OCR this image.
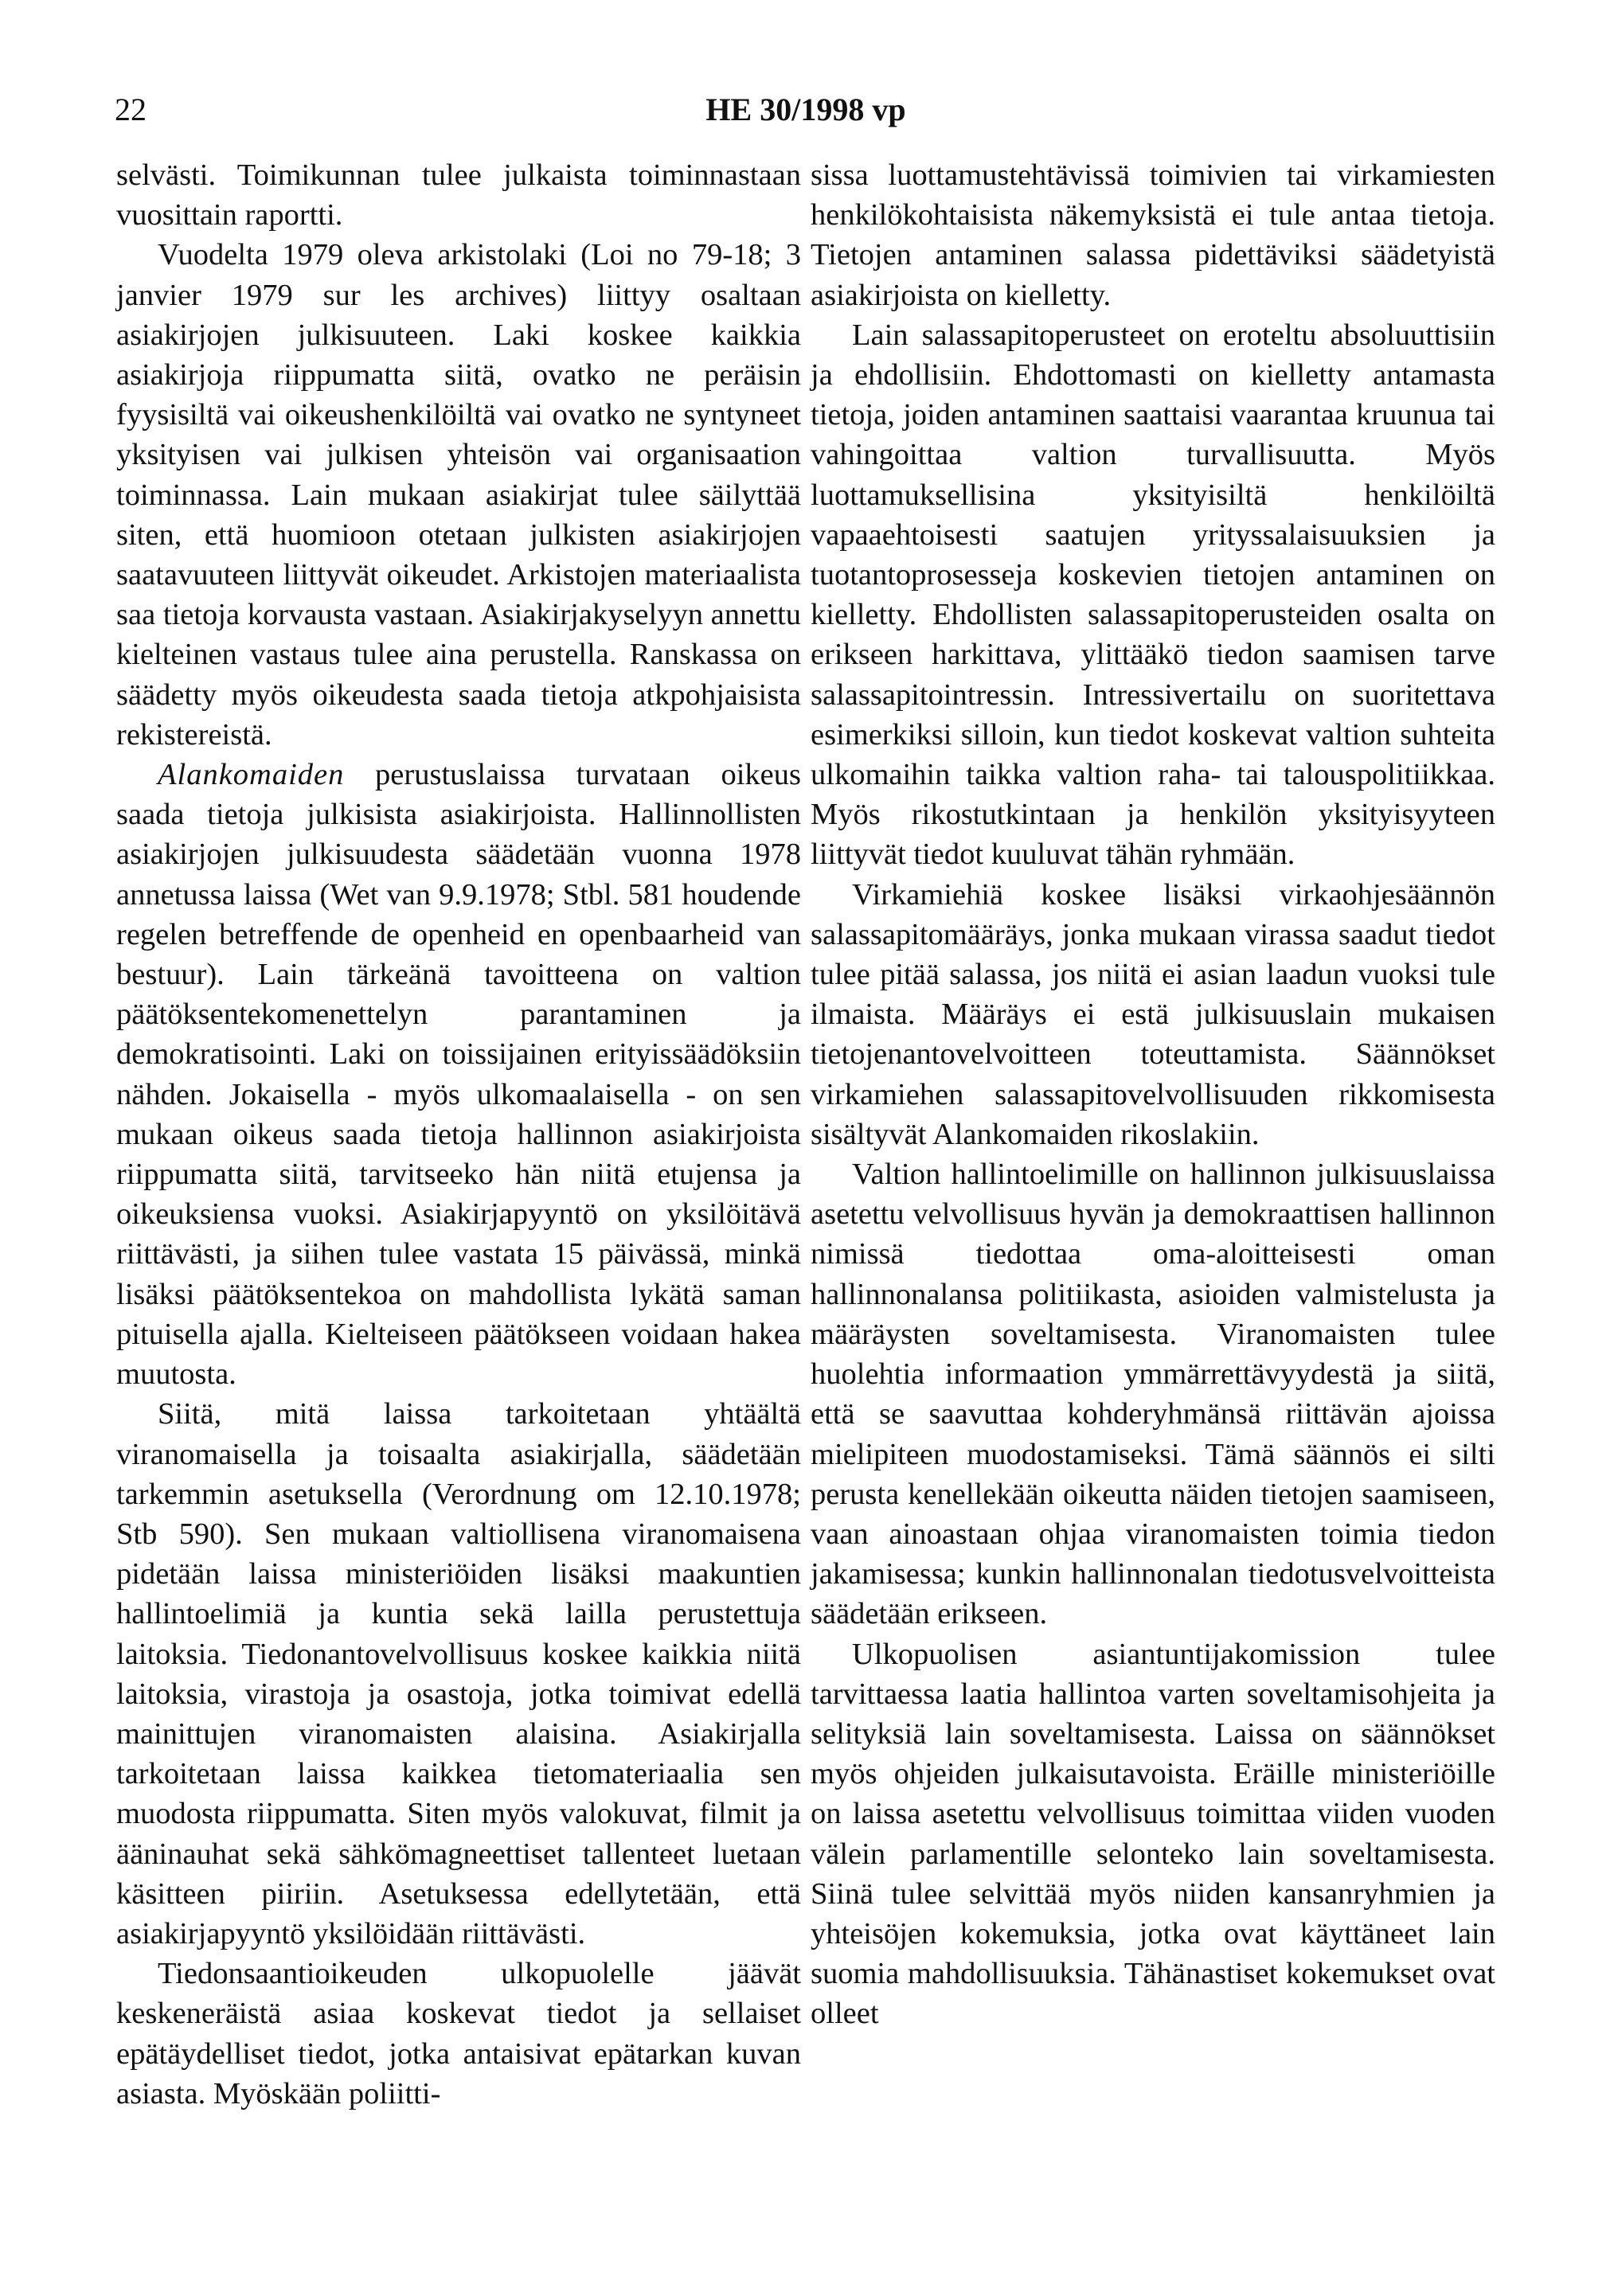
22	HE 30/1998 vp

selvästi. Toimikunnan tulee julkaista toiminnastaan vuosittain raportti.

Vuodelta 1979 oleva arkistolaki (Loi no 79-18; 3 janvier 1979 sur les archives) liittyy osaltaan asiakirjojen julkisuuteen. Laki koskee kaikkia asiakirjoja riippumatta siitä, ovatko ne peräisin fyysisiltä vai oikeushenkilöiltä vai ovatko ne syntyneet yksityisen vai julkisen yhteisön vai organisaation toiminnassa. Lain mukaan asiakirjat tulee säilyttää siten, että huomioon otetaan julkisten asiakirjojen saatavuuteen liittyvät oikeudet. Arkistojen materiaalista saa tietoja korvausta vastaan. Asiakirjakyselyyn annettu kielteinen vastaus tulee aina perustella. Ranskassa on säädetty myös oikeudesta saada tietoja atkpohjaisista rekistereistä.

Alankomaiden perustuslaissa turvataan oikeus saada tietoja julkisista asiakirjoista. Hallinnollisten asiakirjojen julkisuudesta säädetään vuonna 1978 annetussa laissa (Wet van 9.9.1978; Stbl. 581 houdende regelen betreffende de openheid en openbaarheid van bestuur). Lain tärkeänä tavoitteena on valtion päätöksentekomenettelyn parantaminen ja demokratisointi. Laki on toissijainen erityissäädöksiin nähden. Jokaisella - myös ulkomaalaisella - on sen mukaan oikeus saada tietoja hallinnon asiakirjoista riippumatta siitä, tarvitseeko hän niitä etujensa ja oikeuksiensa vuoksi. Asiakirjapyyntö on yksilöitävä riittävästi, ja siihen tulee vastata 15 päivässä, minkä lisäksi päätöksentekoa on mahdollista lykätä saman pituisella ajalla. Kielteiseen päätökseen voidaan hakea muutosta.

Siitä, mitä laissa tarkoitetaan yhtäältä viranomaisella ja toisaalta asiakirjalla, säädetään tarkemmin asetuksella (Verordnung om 12.10.1978; Stb 590). Sen mukaan valtiollisena viranomaisena pidetään laissa ministeriöiden lisäksi maakuntien hallintoelimiä ja kuntia sekä lailla perustettuja laitoksia. Tiedonantovelvollisuus koskee kaikkia niitä laitoksia, virastoja ja osastoja, jotka toimivat edellä mainittujen viranomaisten alaisina. Asiakirjalla tarkoitetaan laissa kaikkea tietomateriaalia sen muodosta riippumatta. Siten myös valokuvat, filmit ja ääninauhat sekä sähkömagneettiset tallenteet luetaan käsitteen piiriin. Asetuksessa edellytetään, että asiakirjapyyntö yksilöidään riittävästi.

Tiedonsaantioikeuden ulkopuolelle jäävät keskeneräistä asiaa koskevat tiedot ja sellaiset epätäydelliset tiedot, jotka antaisivat epätarkan kuvan asiasta. Myöskään poliitti-

sissa luottamustehtävissä toimivien tai virkamiesten henkilökohtaisista näkemyksistä ei tule antaa tietoja. Tietojen antaminen salassa pidettäviksi säädetyistä asiakirjoista on kielletty.

Lain salassapitoperusteet on eroteltu absoluuttisiin ja ehdollisiin. Ehdottomasti on kielletty antamasta tietoja, joiden antaminen saattaisi vaarantaa kruunua tai vahingoittaa valtion turvallisuutta. Myös luottamuksellisina yksityisiltä henkilöiltä vapaaehtoisesti saatujen yrityssalaisuuksien ja tuotantoprosesseja koskevien tietojen antaminen on kielletty. Ehdollisten salassapitoperusteiden osalta on erikseen harkittava, ylittääkö tiedon saamisen tarve salassapitointressin. Intressivertailu on suoritettava esimerkiksi silloin, kun tiedot koskevat valtion suhteita ulkomaihin taikka valtion raha- tai talouspolitiikkaa. Myös rikostutkintaan ja henkilön yksityisyyteen liittyvät tiedot kuuluvat tähän ryhmään.

Virkamiehiä koskee lisäksi virkaohjesäännön salassapitomääräys, jonka mukaan virassa saadut tiedot tulee pitää salassa, jos niitä ei asian laadun vuoksi tule ilmaista. Määräys ei estä julkisuuslain mukaisen tietojenantovelvoitteen toteuttamista. Säännökset virkamiehen salassapitovelvollisuuden rikkomisesta sisältyvät Alankomaiden rikoslakiin.

Valtion hallintoelimille on hallinnon julkisuuslaissa asetettu velvollisuus hyvän ja demokraattisen hallinnon nimissä tiedottaa oma-aloitteisesti oman hallinnonalansa politiikasta, asioiden valmistelusta ja määräysten soveltamisesta. Viranomaisten tulee huolehtia informaation ymmärrettävyydestä ja siitä, että se saavuttaa kohderyhmänsä riittävän ajoissa mielipiteen muodostamiseksi. Tämä säännös ei silti perusta kenellekään oikeutta näiden tietojen saamiseen, vaan ainoastaan ohjaa viranomaisten toimia tiedon jakamisessa; kunkin hallinnonalan tiedotusvelvoitteista säädetään erikseen.

Ulkopuolisen asiantuntijakomission tulee tarvittaessa laatia hallintoa varten soveltamisohjeita ja selityksiä lain soveltamisesta. Laissa on säännökset myös ohjeiden julkaisutavoista. Eräille ministeriöille on laissa asetettu velvollisuus toimittaa viiden vuoden välein parlamentille selonteko lain soveltamisesta. Siinä tulee selvittää myös niiden kansanryhmien ja yhteisöjen kokemuksia, jotka ovat käyttäneet lain suomia mahdollisuuksia. Tähänastiset kokemukset ovat olleet
